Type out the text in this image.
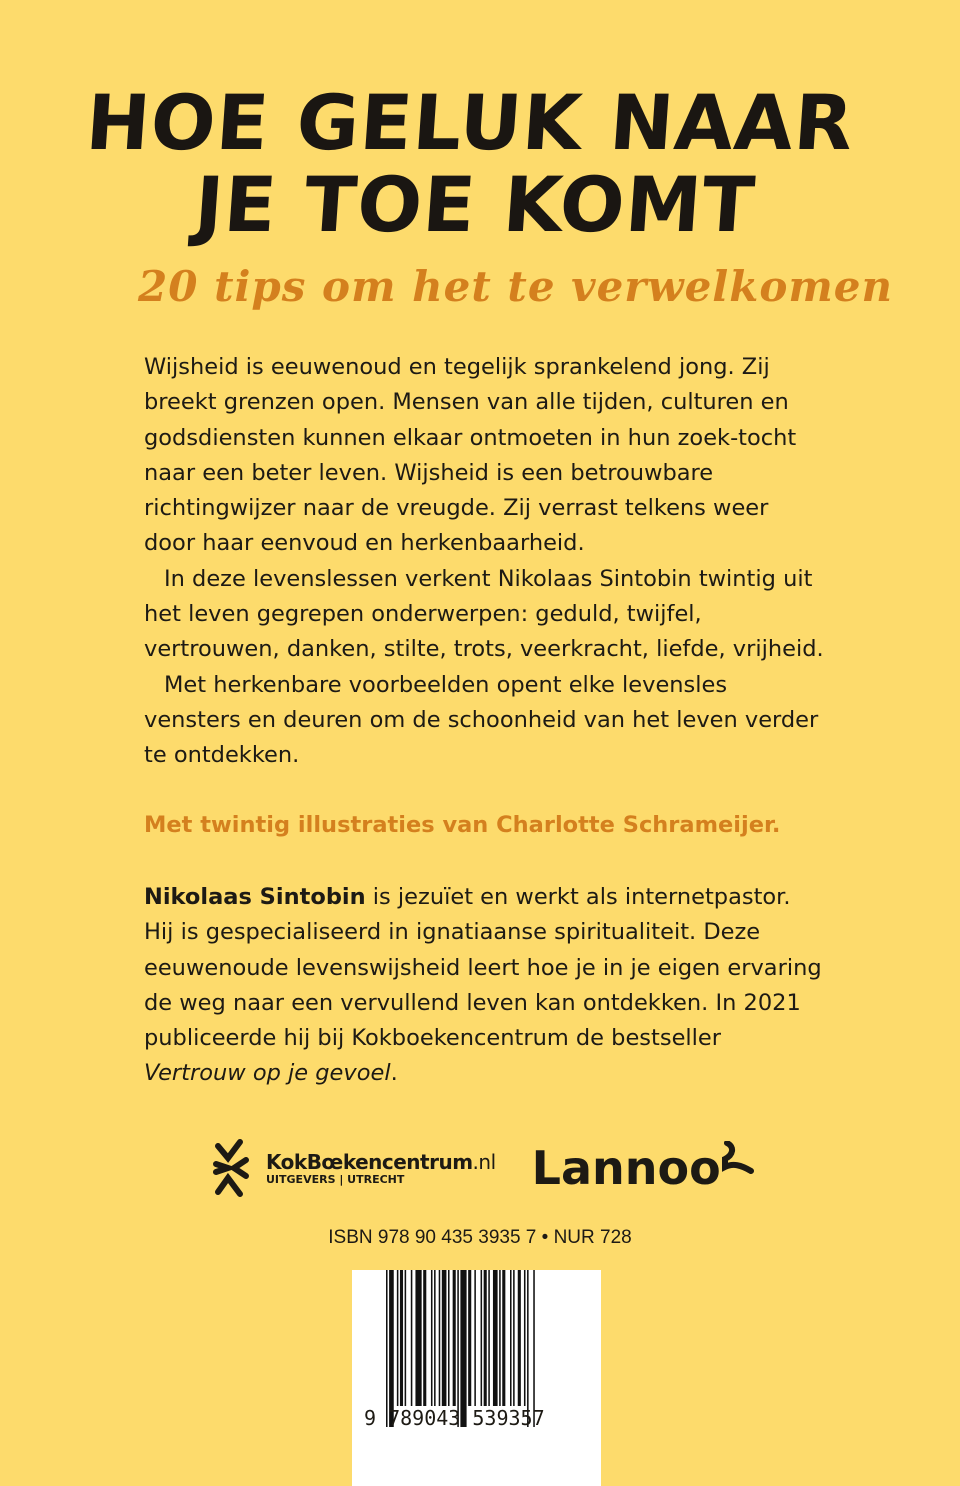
HOE GELUK NAAR
JE TOE KOMT
20 tips om het te verwelkomen

Wijsheid is eeuwenoud en tegelijk sprankelend jong. Zij breekt grenzen open. Mensen van alle tijden, culturen en godsdiensten kunnen elkaar ontmoeten in hun zoek-tocht naar een beter leven. Wijsheid is een betrouwbare richtingwijzer naar de vreugde. Zij verrast telkens weer door haar eenvoud en herkenbaarheid.

In deze levenslessen verkent Nikolaas Sintobin twintig uit het leven gegrepen onderwerpen: geduld, twijfel, vertrouwen, danken, stilte, trots, veerkracht, liefde, vrijheid.

Met herkenbare voorbeelden opent elke levensles vensters en deuren om de schoonheid van het leven verder te ontdekken.

Met twintig illustraties van Charlotte Schrameijer.
Nikolaas Sintobin is jezuïet en werkt als internetpastor. Hij is gespecialiseerd in ignatiaanse spiritualiteit. Deze eeuwenoude levenswijsheid leert hoe je in je eigen ervaring de weg naar een vervullend leven kan ontdekken. In 2021 publiceerde hij bij Kokboekencentrum de bestseller Vertrouw op je gevoel.
KokBœkencentrum.nl
UITGEVERS | UTRECHT	Lannoo
ISBN 978 90 435 3935 7 • NUR 728
9 789043 539357
